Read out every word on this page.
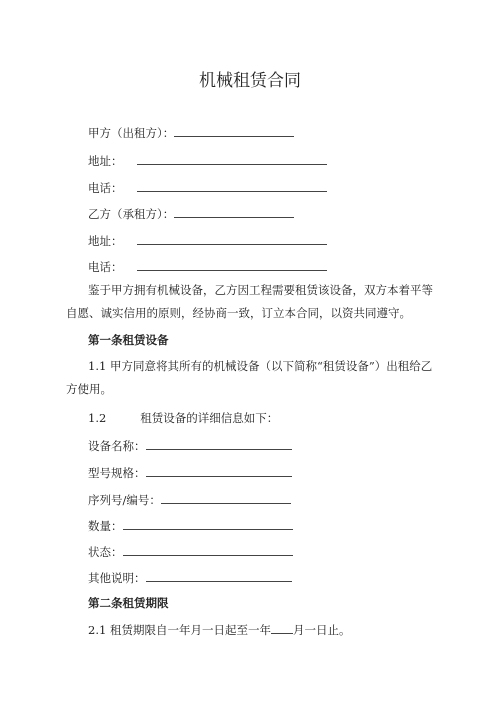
机械租赁合同
甲方（出租方）：
地址：
电话：
乙方（承租方）：
地址：
电话：
鉴于甲方拥有机械设备，乙方因工程需要租赁该设备，双方本着平等自愿、诚实信用的原则，经协商一致，订立本合同，以资共同遵守。
第一条租赁设备
1.1 甲方同意将其所有的机械设备（以下简称“租赁设备”）出租给乙方使用。
1.2	租赁设备的详细信息如下：
设备名称：
型号规格：
序列号/编号：
数量：
状态：
其他说明：
第二条租赁期限
2.1 租赁期限自一年月一日起至一年 月一日止。
